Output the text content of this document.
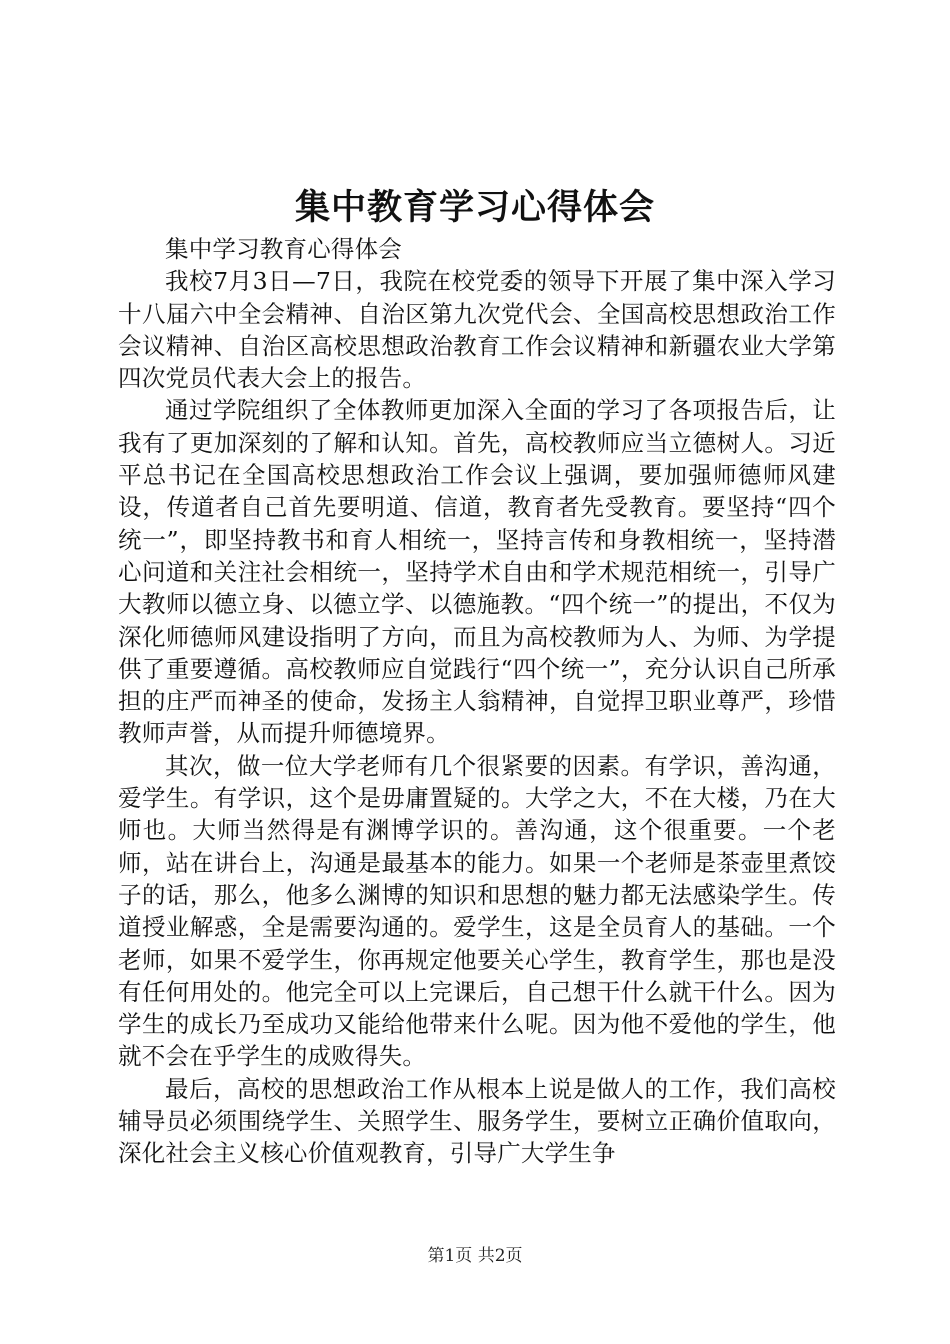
集中教育学习心得体会

集中学习教育心得体会

我校7月3日—7日，我院在校党委的领导下开展了集中深入学习十八届六中全会精神、自治区第九次党代会、全国高校思想政治工作会议精神、自治区高校思想政治教育工作会议精神和新疆农业大学第四次党员代表大会上的报告。

通过学院组织了全体教师更加深入全面的学习了各项报告后，让我有了更加深刻的了解和认知。首先，高校教师应当立德树人。习近平总书记在全国高校思想政治工作会议上强调，要加强师德师风建设，传道者自己首先要明道、信道，教育者先受教育。要坚持“四个统一”，即坚持教书和育人相统一，坚持言传和身教相统一，坚持潜心问道和关注社会相统一，坚持学术自由和学术规范相统一，引导广大教师以德立身、以德立学、以德施教。“四个统一”的提出，不仅为深化师德师风建设指明了方向，而且为高校教师为人、为师、为学提供了重要遵循。高校教师应自觉践行“四个统一”，充分认识自己所承担的庄严而神圣的使命，发扬主人翁精神，自觉捍卫职业尊严，珍惜教师声誉，从而提升师德境界。

其次，做一位大学老师有几个很紧要的因素。有学识，善沟通，爱学生。有学识，这个是毋庸置疑的。大学之大，不在大楼，乃在大师也。大师当然得是有渊博学识的。善沟通，这个很重要。一个老师，站在讲台上，沟通是最基本的能力。如果一个老师是茶壶里煮饺子的话，那么，他多么渊博的知识和思想的魅力都无法感染学生。传道授业解惑，全是需要沟通的。爱学生，这是全员育人的基础。一个老师，如果不爱学生，你再规定他要关心学生，教育学生，那也是没有任何用处的。他完全可以上完课后，自己想干什么就干什么。因为学生的成长乃至成功又能给他带来什么呢。因为他不爱他的学生，他就不会在乎学生的成败得失。

最后，高校的思想政治工作从根本上说是做人的工作，我们高校辅导员必须围绕学生、关照学生、服务学生，要树立正确价值取向，深化社会主义核心价值观教育，引导广大学生争

第1页 共2页
